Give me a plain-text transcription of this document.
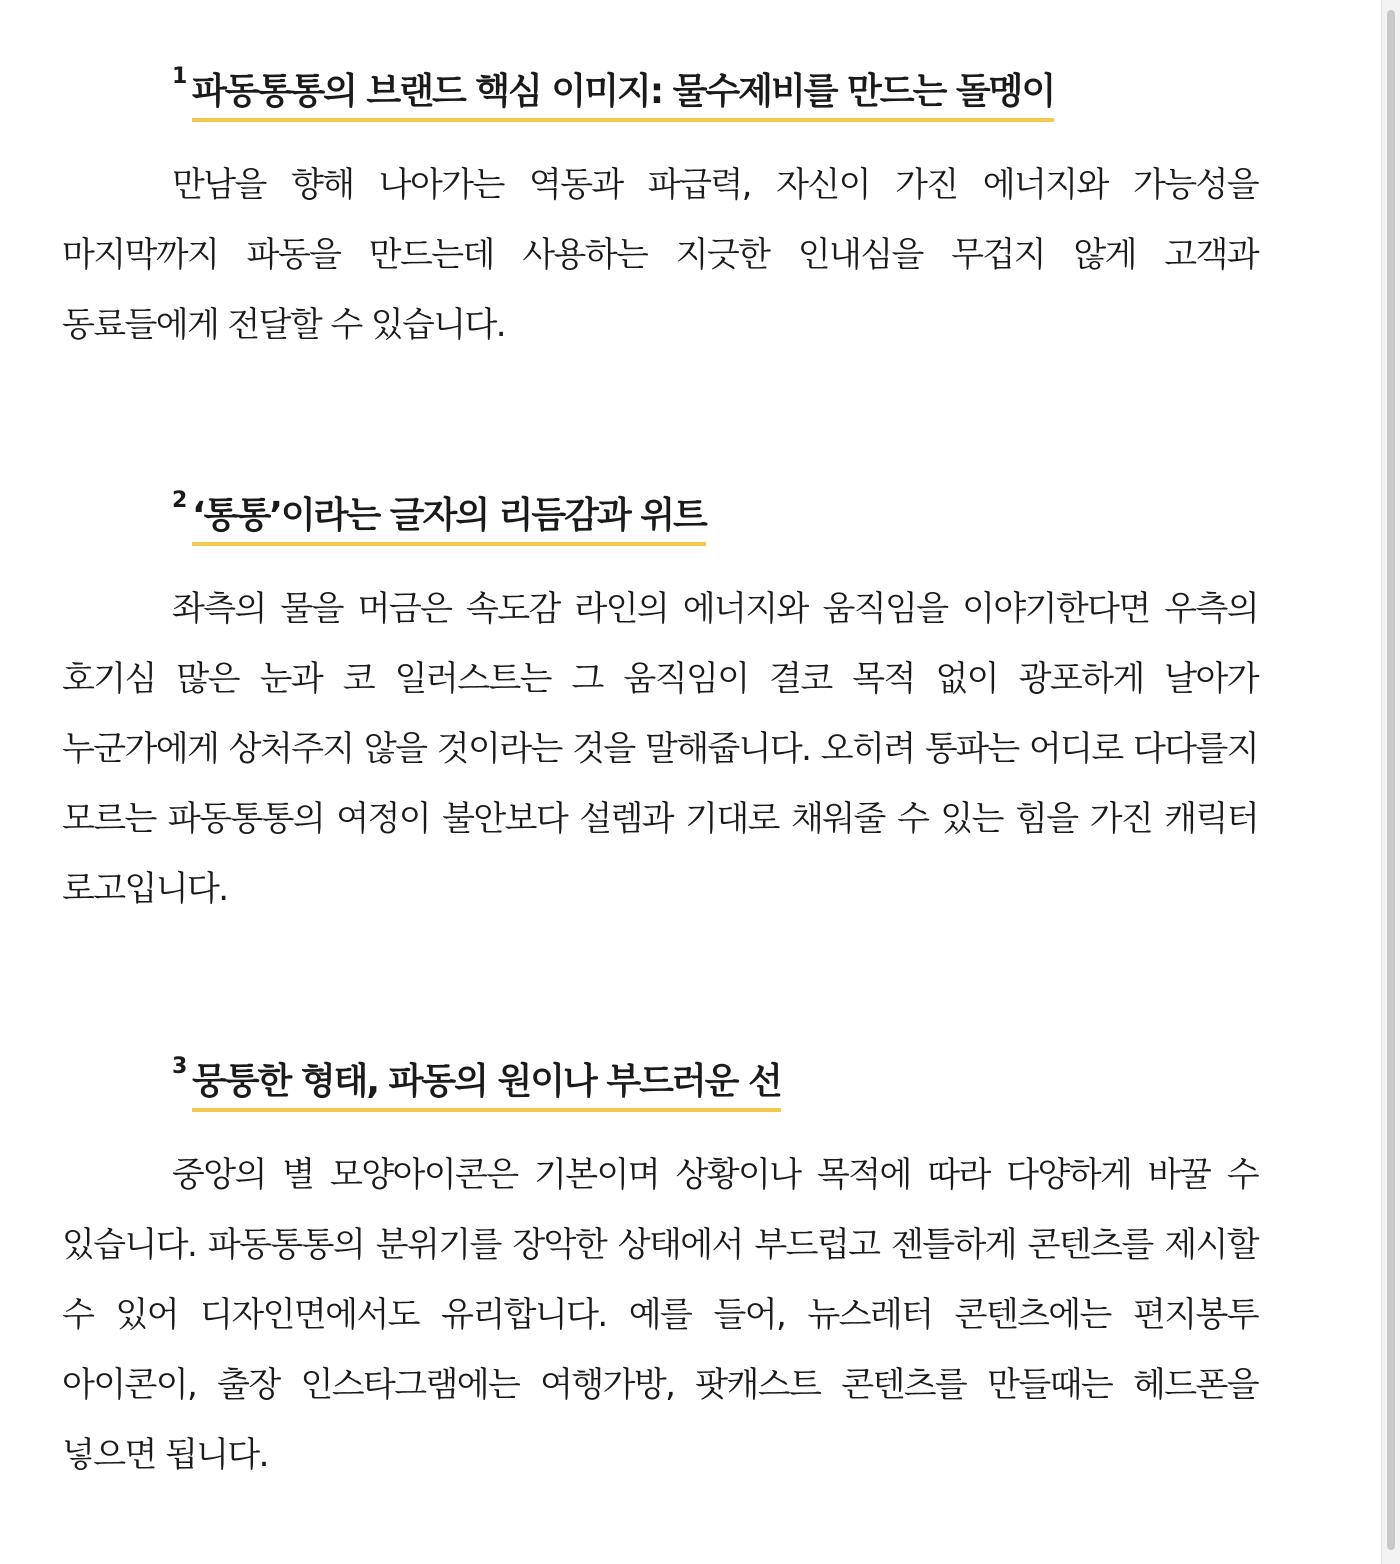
1 파동통통의 브랜드 핵심 이미지: 물수제비를 만드는 돌멩이

만남을 향해 나아가는 역동과 파급력, 자신이 가진 에너지와 가능성을 마지막까지 파동을 만드는데 사용하는 지긋한 인내심을 무겁지 않게 고객과 동료들에게 전달할 수 있습니다.

2 ‘통통’이라는 글자의 리듬감과 위트

좌측의 물을 머금은 속도감 라인의 에너지와 움직임을 이야기한다면 우측의 호기심 많은 눈과 코 일러스트는 그 움직임이 결코 목적 없이 광포하게 날아가 누군가에게 상처주지 않을 것이라는 것을 말해줍니다. 오히려 통파는 어디로 다다를지 모르는 파동통통의 여정이 불안보다 설렘과 기대로 채워줄 수 있는 힘을 가진 캐릭터 로고입니다.

3 뭉퉁한 형태, 파동의 원이나 부드러운 선

중앙의 별 모양아이콘은 기본이며 상황이나 목적에 따라 다양하게 바꿀 수 있습니다. 파동통통의 분위기를 장악한 상태에서 부드럽고 젠틀하게 콘텐츠를 제시할 수 있어 디자인면에서도 유리합니다. 예를 들어, 뉴스레터 콘텐츠에는 편지봉투 아이콘이, 출장 인스타그램에는 여행가방, 팟캐스트 콘텐츠를 만들때는 헤드폰을 넣으면 됩니다.
